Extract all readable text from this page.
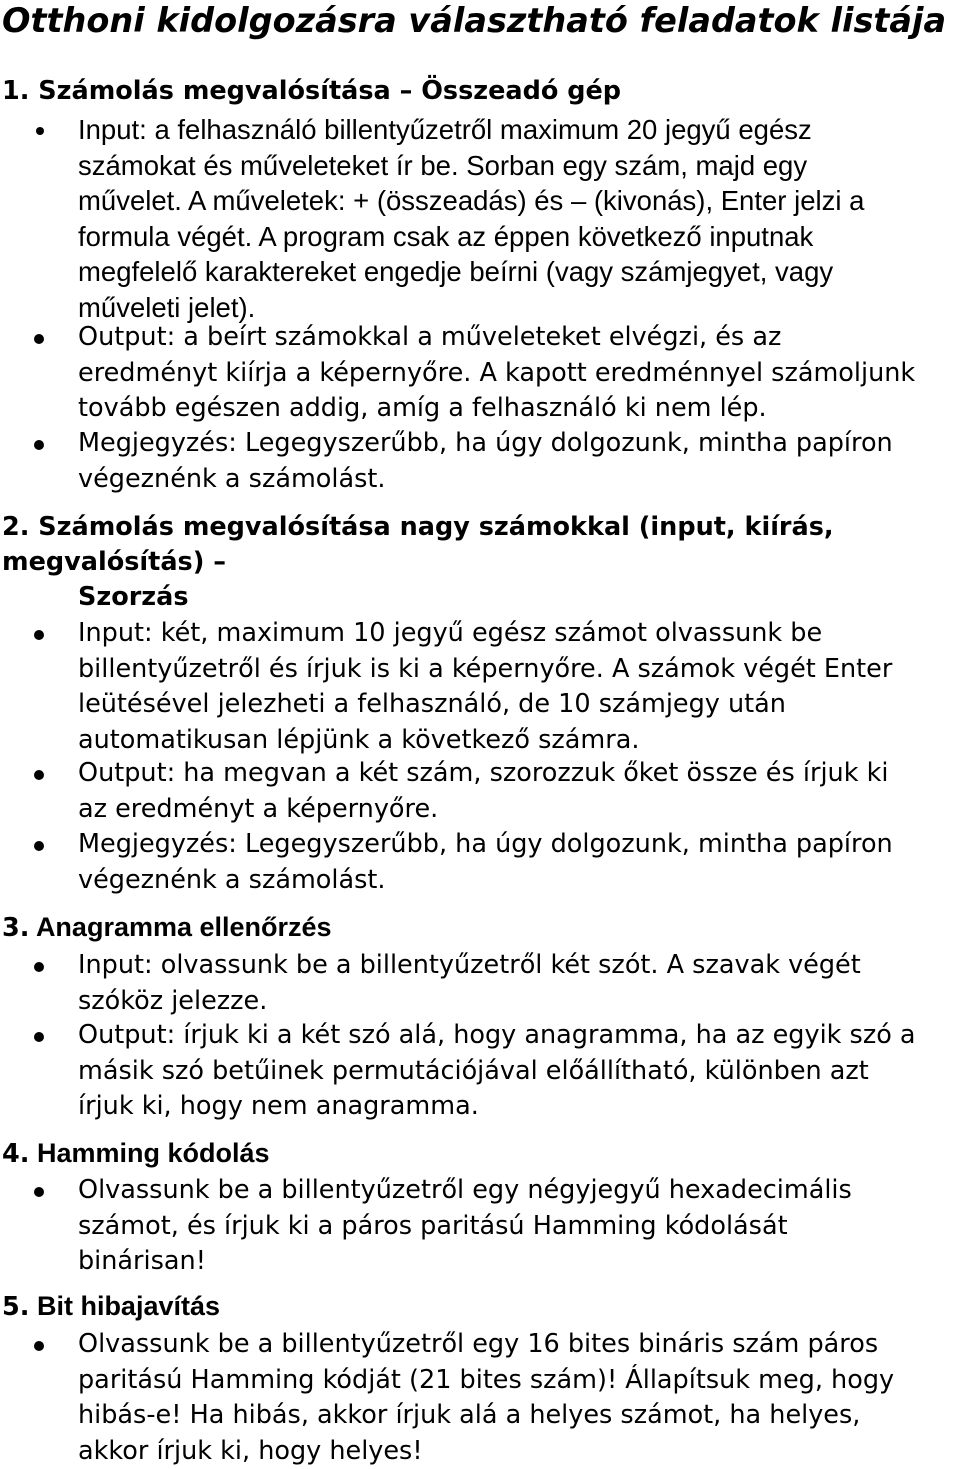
Otthoni kidolgozásra választható feladatok listája
1. Számolás megvalósítása – Összeadó gép

Input: a felhasználó billentyűzetről maximum 20 jegyű egész
számokat és műveleteket ír be. Sorban egy szám, majd egy
művelet. A műveletek: + (összeadás) és – (kivonás), Enter jelzi a
formula végét. A program csak az éppen következő inputnak
megfelelő karaktereket engedje beírni (vagy számjegyet, vagy
műveleti jelet).

Output: a beírt számokkal a műveleteket elvégzi, és az
eredményt kiírja a képernyőre. A kapott eredménnyel számoljunk
tovább egészen addig, amíg a felhasználó ki nem lép.

Megjegyzés: Legegyszerűbb, ha úgy dolgozunk, mintha papíron
végeznénk a számolást.

2. Számolás megvalósítása nagy számokkal (input, kiírás,
megvalósítás) –
Szorzás

Input: két, maximum 10 jegyű egész számot olvassunk be
billentyűzetről és írjuk is ki a képernyőre. A számok végét Enter
leütésével jelezheti a felhasználó, de 10 számjegy után
automatikusan lépjünk a következő számra.

Output: ha megvan a két szám, szorozzuk őket össze és írjuk ki
az eredményt a képernyőre.

Megjegyzés: Legegyszerűbb, ha úgy dolgozunk, mintha papíron
végeznénk a számolást.

3. Anagramma ellenőrzés

Input: olvassunk be a billentyűzetről két szót. A szavak végét
szóköz jelezze.

Output: írjuk ki a két szó alá, hogy anagramma, ha az egyik szó a
másik szó betűinek permutációjával előállítható, különben azt
írjuk ki, hogy nem anagramma.

4. Hamming kódolás

Olvassunk be a billentyűzetről egy négyjegyű hexadecimális
számot, és írjuk ki a páros paritású Hamming kódolását
binárisan!

5. Bit hibajavítás

Olvassunk be a billentyűzetről egy 16 bites bináris szám páros
paritású Hamming kódját (21 bites szám)! Állapítsuk meg, hogy
hibás-e! Ha hibás, akkor írjuk alá a helyes számot, ha helyes,
akkor írjuk ki, hogy helyes!
